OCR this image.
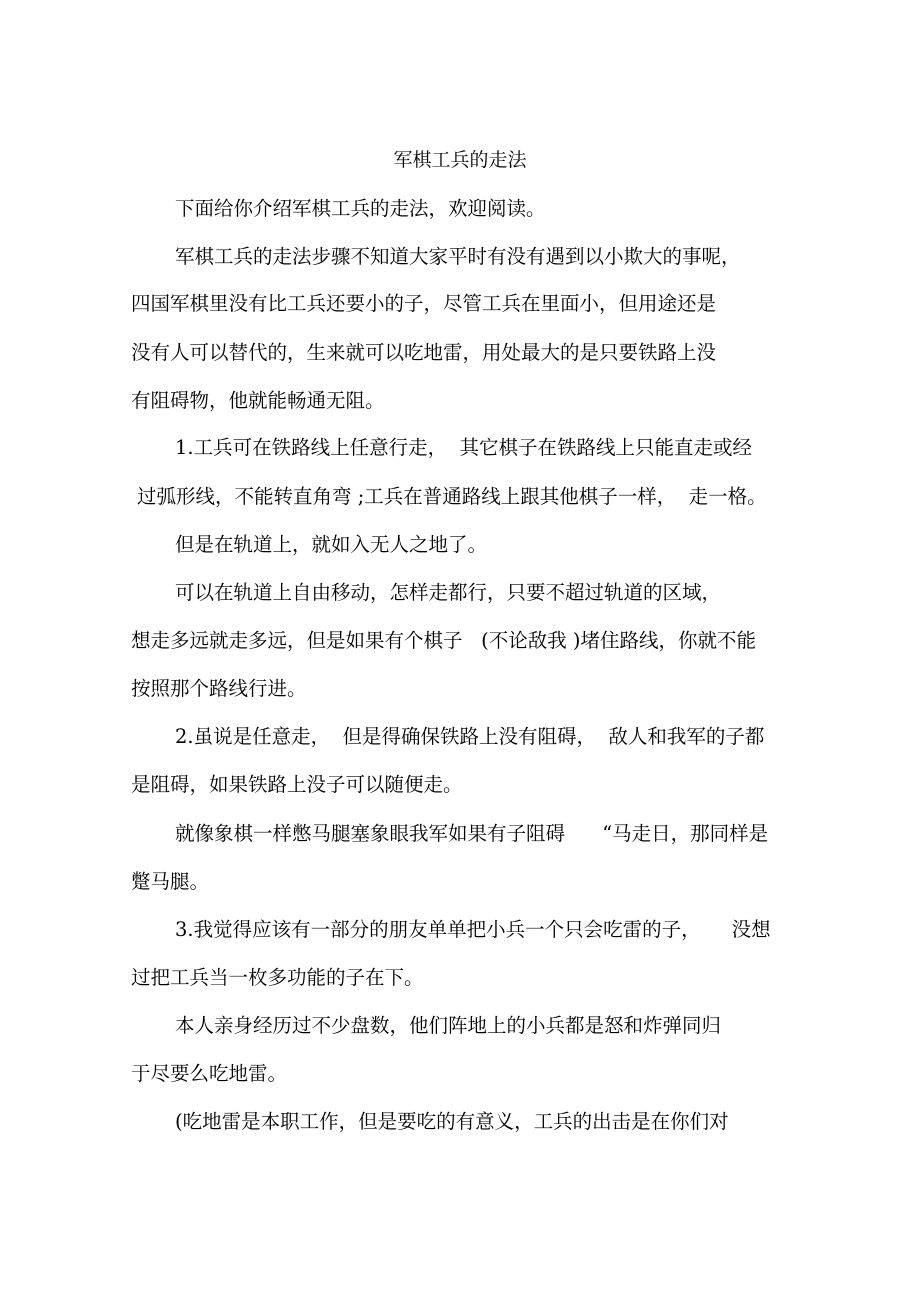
军棋工兵的走法
下面给你介绍军棋工兵的走法，欢迎阅读。
军棋工兵的走法步骤不知道大家平时有没有遇到以小欺大的事呢，
四国军棋里没有比工兵还要小的子，尽管工兵在里面小，但用途还是
没有人可以替代的，生来就可以吃地雷，用处最大的是只要铁路上没
有阻碍物，他就能畅通无阻。
1.工兵可在铁路线上任意行走，  其它棋子在铁路线上只能直走或经
过弧形线，不能转直角弯 ;工兵在普通路线上跟其他棋子一样，  走一格。
但是在轨道上，就如入无人之地了。
可以在轨道上自由移动，怎样走都行，只要不超过轨道的区域，
想走多远就走多远，但是如果有个棋子   (不论敌我 )堵住路线，你就不能
按照那个路线行进。
2.虽说是任意走，  但是得确保铁路上没有阻碍，  敌人和我军的子都
是阻碍，如果铁路上没子可以随便走。
就像象棋一样憋马腿塞象眼我军如果有子阻碍      “马走日，那同样是
蹩马腿。
3.我觉得应该有一部分的朋友单单把小兵一个只会吃雷的子，     没想
过把工兵当一枚多功能的子在下。
本人亲身经历过不少盘数，他们阵地上的小兵都是怒和炸弹同归
于尽要么吃地雷。
(吃地雷是本职工作，但是要吃的有意义，工兵的出击是在你们对
